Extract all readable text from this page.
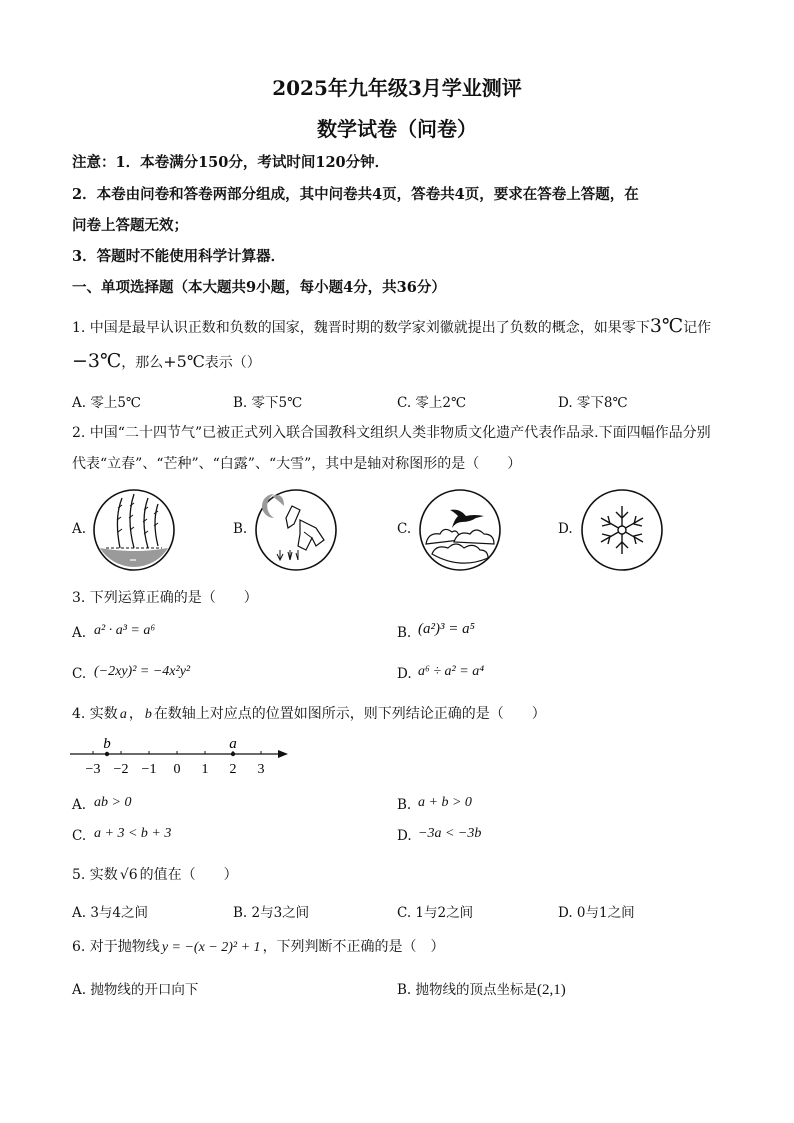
2025年九年级3月学业测评
数学试卷（问卷）
注意：1．本卷满分150分，考试时间120分钟．
2．本卷由问卷和答卷两部分组成，其中问卷共4页，答卷共4页，要求在答卷上答题，在
问卷上答题无效；
3．答题时不能使用科学计算器．
一、单项选择题（本大题共9小题，每小题4分，共36分）
1. 中国是最早认识正数和负数的国家，魏晋时期的数学家刘徽就提出了负数的概念，如果零下3℃记作
−3℃，那么+5℃表示（）
A. 零上5℃	B. 零下5℃	C. 零上2℃	D. 零下8℃
2. 中国“二十四节气”已被正式列入联合国教科文组织人类非物质文化遗产代表作品录.下面四幅作品分别
代表“立春”、“芒种”、“白露”、“大雪”，其中是轴对称图形的是（　　）
A.	B.	C.	D.
3. 下列运算正确的是（　　）
A. a² · a³ = a⁶	B. (a²)³ = a⁵
C. (−2xy)² = −4x²y²	D. a⁶ ÷ a² = a⁴
4. 实数 a ， b 在数轴上对应点的位置如图所示，则下列结论正确的是（　　）
−3 −2 −1 0 1 2 3
b	a
A. ab > 0	B. a + b > 0
C. a + 3 < b + 3	D. −3a < −3b
5. 实数 √6 的值在（　　）
A. 3与4之间	B. 2与3之间	C. 1与2之间	D. 0与1之间
6. 对于抛物线 y = −(x − 2)² + 1 ，下列判断不正确的是（　）
A. 抛物线的开口向下	B. 抛物线的顶点坐标是(2,1)
